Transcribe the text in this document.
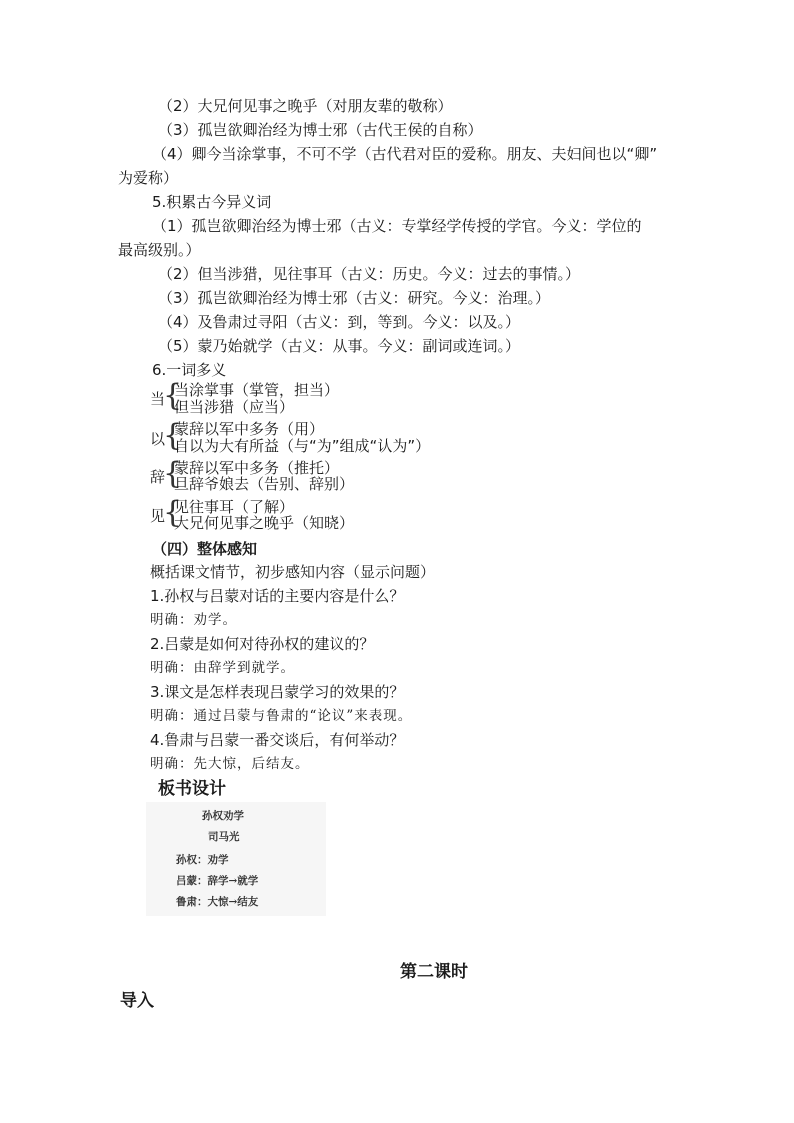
（2）大兄何见事之晚乎（对朋友辈的敬称）
（3）孤岂欲卿治经为博士邪（古代王侯的自称）
（4）卿今当涂掌事，不可不学（古代君对臣的爱称。朋友、夫妇间也以“卿”
为爱称）
5.积累古今异义词
（1）孤岂欲卿治经为博士邪（古义：专掌经学传授的学官。今义：学位的
最高级别。）
（2）但当涉猎，见往事耳（古义：历史。今义：过去的事情。）
（3）孤岂欲卿治经为博士邪（古义：研究。今义：治理。）
（4）及鲁肃过寻阳（古义：到，等到。今义：以及。）
（5）蒙乃始就学（古义：从事。今义：副词或连词。）
6.一词多义
当
{
当涂掌事（掌管，担当）
但当涉猎（应当）
以
{
蒙辞以军中多务（用）
自以为大有所益（与“为”组成“认为”）
辞
{
蒙辞以军中多务（推托）
旦辞爷娘去（告别、辞别）
见
{
见往事耳（了解）
大兄何见事之晚乎（知晓）
（四）整体感知
概括课文情节，初步感知内容（显示问题）
1.孙权与吕蒙对话的主要内容是什么？
明确：劝学。
2.吕蒙是如何对待孙权的建议的？
明确：由辞学到就学。
3.课文是怎样表现吕蒙学习的效果的？
明确：通过吕蒙与鲁肃的“论议”来表现。
4.鲁肃与吕蒙一番交谈后，有何举动？
明确：先大惊，后结友。
板书设计
孙权劝学
司马光
孙权：劝学
吕蒙：辞学→就学
鲁肃：大惊→结友
第二课时
导入
